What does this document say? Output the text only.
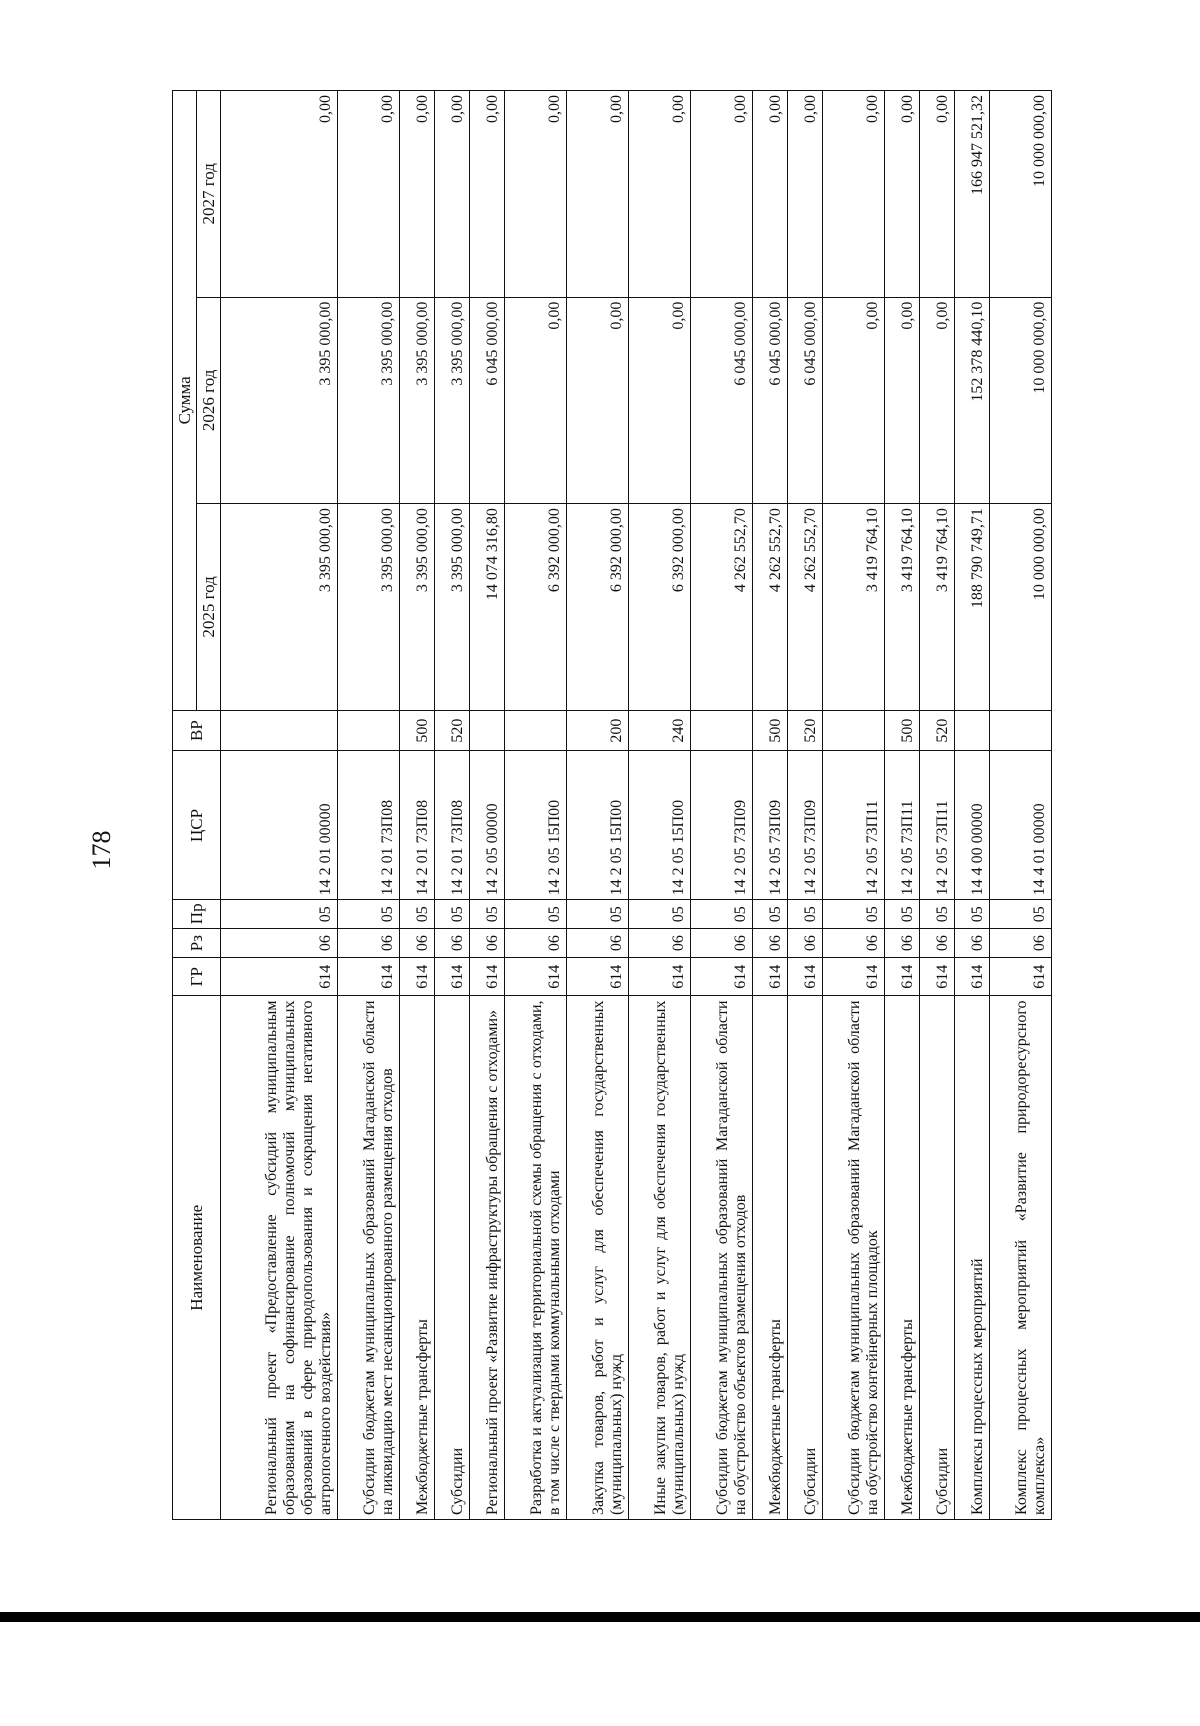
178
Наименование	ГР	Рз	Пр	ЦСР	ВР	Сумма		
						2025 год	2026 год	2027 год
Региональный проект «Предоставление субсидий муниципальным образованиям на софинансирование полномочий муниципальных образований в сфере природопользования и сокращения негативного антропогенного воздействия»	614	06	05	14 2 01 00000		3 395 000,00	3 395 000,00	0,00
Субсидии бюджетам муниципальных образований Магаданской области на ликвидацию мест несанкционированного размещения отходов	614	06	05	14 2 01 73П08		3 395 000,00	3 395 000,00	0,00
Межбюджетные трансферты	614	06	05	14 2 01 73П08	500	3 395 000,00	3 395 000,00	0,00
Субсидии	614	06	05	14 2 01 73П08	520	3 395 000,00	3 395 000,00	0,00
Региональный проект «Развитие инфраструктуры обращения с отходами»	614	06	05	14 2 05 00000		14 074 316,80	6 045 000,00	0,00
Разработка и актуализация территориальной схемы обращения с отходами, в том числе с твердыми коммунальными отходами	614	06	05	14 2 05 15П00		6 392 000,00	0,00	0,00
Закупка товаров, работ и услуг для обеспечения государственных (муниципальных) нужд	614	06	05	14 2 05 15П00	200	6 392 000,00	0,00	0,00
Иные закупки товаров, работ и услуг для обеспечения государственных (муниципальных) нужд	614	06	05	14 2 05 15П00	240	6 392 000,00	0,00	0,00
Субсидии бюджетам муниципальных образований Магаданской области на обустройство объектов размещения отходов	614	06	05	14 2 05 73П09		4 262 552,70	6 045 000,00	0,00
Межбюджетные трансферты	614	06	05	14 2 05 73П09	500	4 262 552,70	6 045 000,00	0,00
Субсидии	614	06	05	14 2 05 73П09	520	4 262 552,70	6 045 000,00	0,00
Субсидии бюджетам муниципальных образований Магаданской области на обустройство контейнерных площадок	614	06	05	14 2 05 73П11		3 419 764,10	0,00	0,00
Межбюджетные трансферты	614	06	05	14 2 05 73П11	500	3 419 764,10	0,00	0,00
Субсидии	614	06	05	14 2 05 73П11	520	3 419 764,10	0,00	0,00
Комплексы процессных мероприятий	614	06	05	14 4 00 00000		188 790 749,71	152 378 440,10	166 947 521,32
Комплекс процессных мероприятий «Развитие природоресурсного комплекса»	614	06	05	14 4 01 00000		10 000 000,00	10 000 000,00	10 000 000,00
